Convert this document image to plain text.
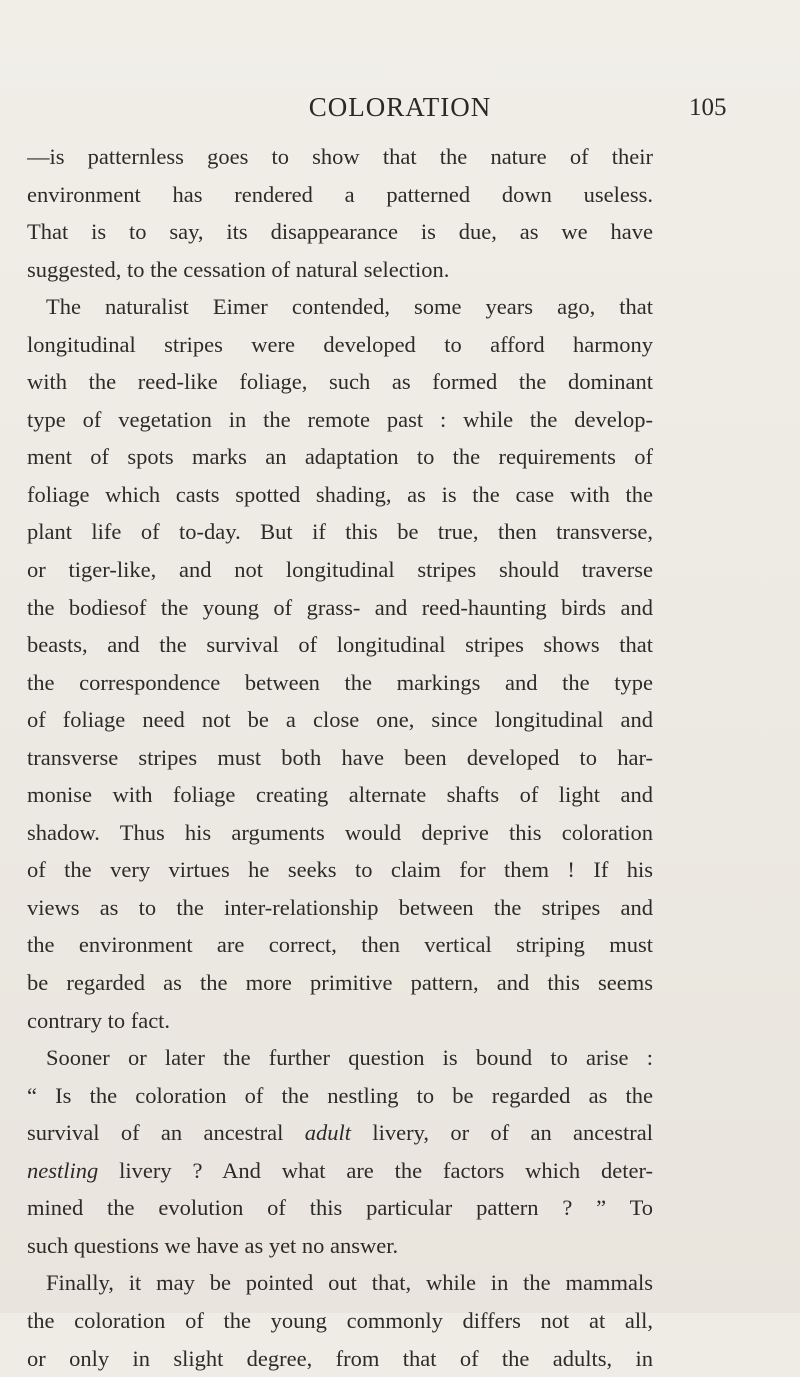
COLORATION	105
—is patternless goes to show that the nature of their
environment has rendered a patterned down useless.
That is to say, its disappearance is due, as we have
suggested, to the cessation of natural selection.
The naturalist Eimer contended, some years ago, that
longitudinal stripes were developed to afford harmony
with the reed-like foliage, such as formed the dominant
type of vegetation in the remote past : while the develop-
ment of spots marks an adaptation to the requirements of
foliage which casts spotted shading, as is the case with the
plant life of to-day. But if this be true, then transverse,
or tiger-like, and not longitudinal stripes should traverse
the bodiesof the young of grass- and reed-haunting birds and
beasts, and the survival of longitudinal stripes shows that
the correspondence between the markings and the type
of foliage need not be a close one, since longitudinal and
transverse stripes must both have been developed to har-
monise with foliage creating alternate shafts of light and
shadow. Thus his arguments would deprive this coloration
of the very virtues he seeks to claim for them ! If his
views as to the inter-relationship between the stripes and
the environment are correct, then vertical striping must
be regarded as the more primitive pattern, and this seems
contrary to fact.
Sooner or later the further question is bound to arise :
“ Is the coloration of the nestling to be regarded as the
survival of an ancestral adult livery, or of an ancestral
nestling livery ? And what are the factors which deter-
mined the evolution of this particular pattern ? ” To
such questions we have as yet no answer.
Finally, it may be pointed out that, while in the mammals
the coloration of the young commonly differs not at all,
or only in slight degree, from that of the adults, in
